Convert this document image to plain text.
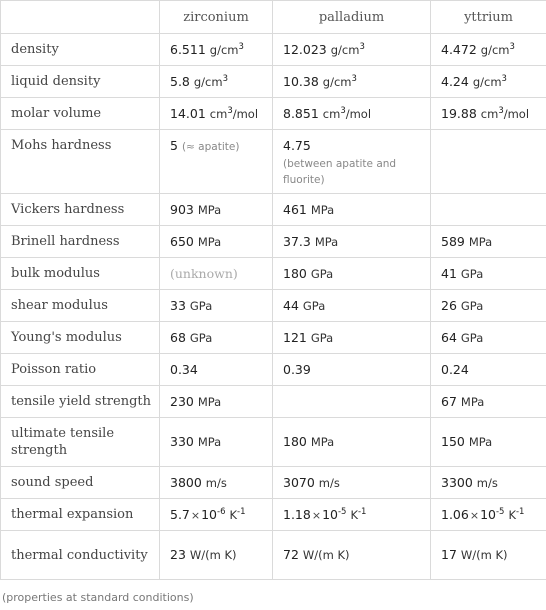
	zirconium	palladium	yttrium
density	6.511 $g/cm^3$	12.023 $g/cm^3$	4.472 $g/cm^3$
liquid density	5.8 $g/cm^3$	10.38 $g/cm^3$	4.24 $g/cm^3$
molar volume	14.01 $cm^3$/mol	8.851 $cm^3$/mol	19.88 $cm^3$/mol
Mohs hardness	5 (≈ apatite)	4.75
(between apatite and fluorite)	

Vickers hardness	903 MPa	461 MPa	
Brinell hardness	650 MPa	37.3 MPa	589 MPa
bulk modulus	(unknown)	180 GPa	41 GPa
shear modulus	33 GPa	44 GPa	26 GPa
Young's modulus	68 GPa	121 GPa	64 GPa
Poisson ratio	0.34	0.39	0.24
tensile yield strength	230 MPa		67 MPa
ultimate tensile strength	330 MPa	180 MPa	150 MPa
sound speed	3800 m/s	3070 m/s	3300 m/s
thermal expansion	$5.7\times 10^{-6}$ $K^{-1}$	$1.18\times 10^{-5}$ $K^{-1}$	$1.06\times 10^{-5}$ $K^{-1}$
thermal conductivity	23 W/(m K)	72 W/(m K)	17 W/(m K)
(properties at standard conditions)
